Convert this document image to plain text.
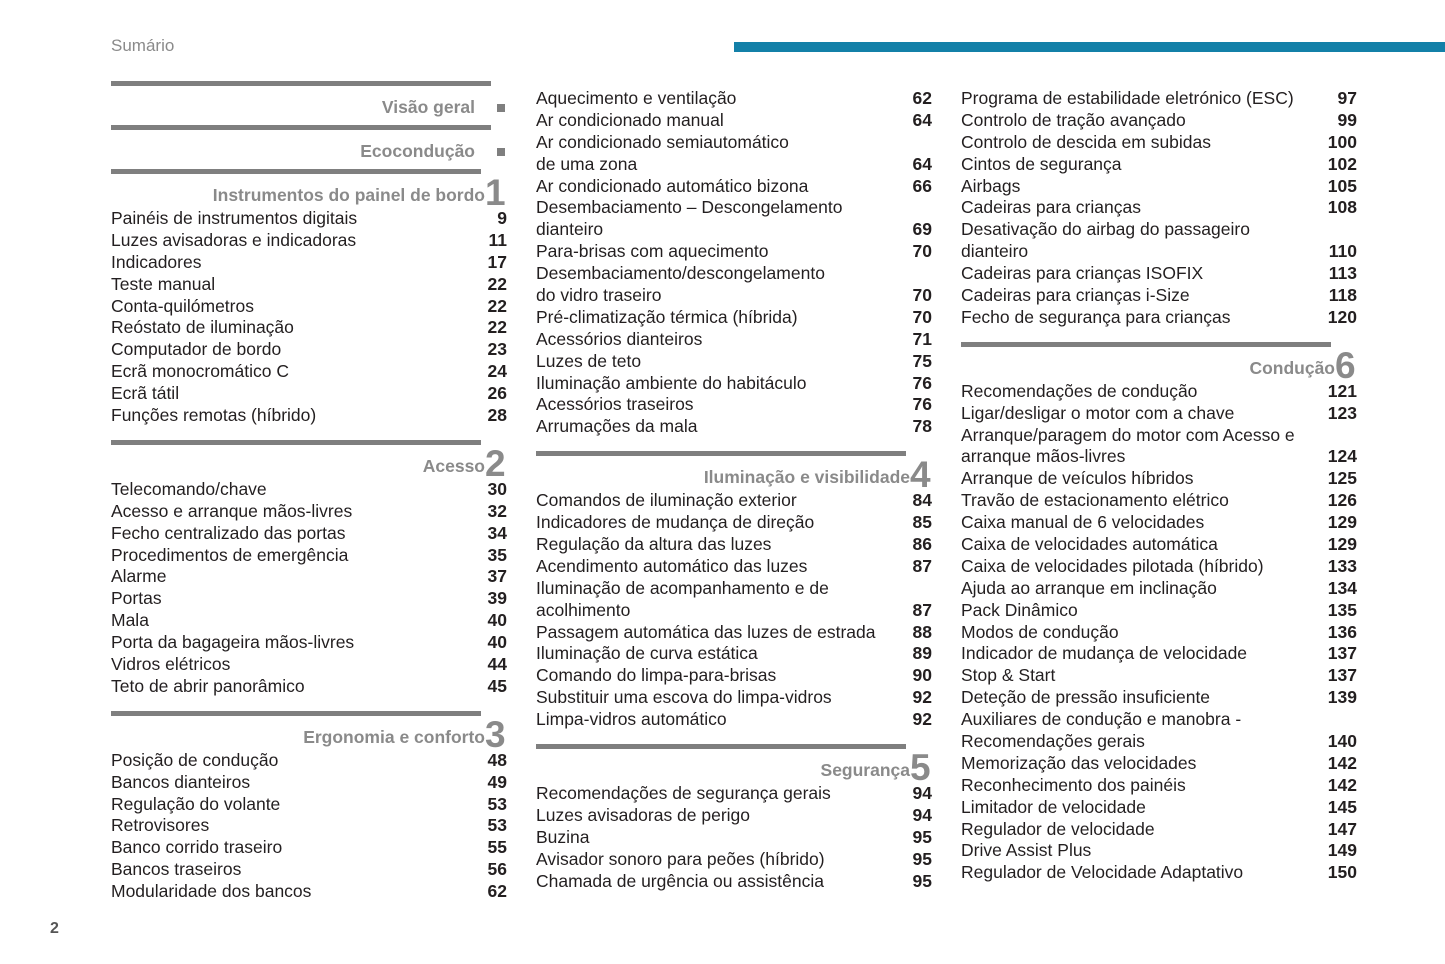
Sumário
Visão geral
Ecocondução
Instrumentos do painel de bordo 1
Painéis de instrumentos digitais	9
Luzes avisadoras e indicadoras	11
Indicadores	17
Teste manual	22
Conta-quilómetros	22
Reóstato de iluminação	22
Computador de bordo	23
Ecrã monocromático C	24
Ecrã tátil	26
Funções remotas (híbrido)	28
Acesso 2
Telecomando/chave	30
Acesso e arranque mãos-livres	32
Fecho centralizado das portas	34
Procedimentos de emergência	35
Alarme	37
Portas	39
Mala	40
Porta da bagageira mãos-livres	40
Vidros elétricos	44
Teto de abrir panorâmico	45
Ergonomia e conforto 3
Posição de condução	48
Bancos dianteiros	49
Regulação do volante	53
Retrovisores	53
Banco corrido traseiro	55
Bancos traseiros	56
Modularidade dos bancos	62
Aquecimento e ventilação	62
Ar condicionado manual	64
Ar condicionado semiautomático
de uma zona	64
Ar condicionado automático bizona	66
Desembaciamento – Descongelamento
dianteiro	69
Para-brisas com aquecimento	70
Desembaciamento/descongelamento
do vidro traseiro	70
Pré-climatização térmica (híbrida)	70
Acessórios dianteiros	71
Luzes de teto	75
Iluminação ambiente do habitáculo	76
Acessórios traseiros	76
Arrumações da mala	78
Iluminação e visibilidade 4
Comandos de iluminação exterior	84
Indicadores de mudança de direção	85
Regulação da altura das luzes	86
Acendimento automático das luzes	87
Iluminação de acompanhamento e de
acolhimento	87
Passagem automática das luzes de estrada 88
Iluminação de curva estática	89
Comando do limpa-para-brisas	90
Substituir uma escova do limpa-vidros	92
Limpa-vidros automático	92
Segurança 5
Recomendações de segurança gerais	94
Luzes avisadoras de perigo	94
Buzina	95
Avisador sonoro para peões (híbrido)	95
Chamada de urgência ou assistência	95
Programa de estabilidade eletrónico (ESC)	97
Controlo de tração avançado	99
Controlo de descida em subidas	100
Cintos de segurança	102
Airbags	105
Cadeiras para crianças	108
Desativação do airbag do passageiro
dianteiro	110
Cadeiras para crianças ISOFIX	113
Cadeiras para crianças i-Size	118
Fecho de segurança para crianças	120
Condução 6
Recomendações de condução	121
Ligar/desligar o motor com a chave	123
Arranque/paragem do motor com Acesso e
arranque mãos-livres	124
Arranque de veículos híbridos	125
Travão de estacionamento elétrico	126
Caixa manual de 6 velocidades	129
Caixa de velocidades automática	129
Caixa de velocidades pilotada (híbrido)	133
Ajuda ao arranque em inclinação	134
Pack Dinâmico	135
Modos de condução	136
Indicador de mudança de velocidade	137
Stop & Start	137
Deteção de pressão insuficiente	139
Auxiliares de condução e manobra -
Recomendações gerais	140
Memorização das velocidades	142
Reconhecimento dos painéis	142
Limitador de velocidade	145
Regulador de velocidade	147
Drive Assist Plus	149
Regulador de Velocidade Adaptativo	150
2
